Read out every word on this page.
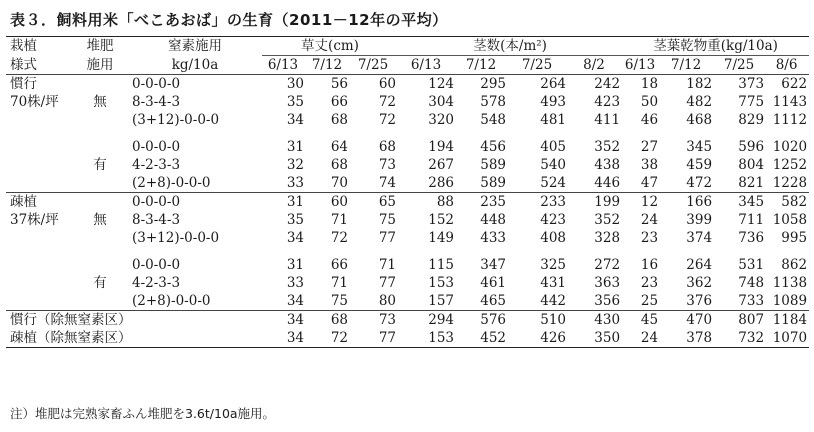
表３．飼料用米「べこあおば」の生育（2011－12年の平均）
栽植	堆肥	窒素施用	草丈(cm)			茎数(本/m²)				茎葉乾物重(kg/10a)			
様式	施用	kg/10a	6/13	7/12	7/25	6/13	7/12	7/25	8/2	6/13	7/12	7/25	8/6
慣行		0-0-0-0	30	56	60	124	295	264	242	18	182	373	622
70株/坪	無	8-3-4-3	35	66	72	304	578	493	423	50	482	775	1143
		(3+12)-0-0-0	34	68	72	320	548	481	411	46	468	829	1112

		0-0-0-0	31	64	68	194	456	405	352	27	345	596	1020
	有	4-2-3-3	32	68	73	267	589	540	438	38	459	804	1252
		(2+8)-0-0-0	33	70	74	286	589	524	446	47	472	821	1228
疎植		0-0-0-0	31	60	65	88	235	233	199	12	166	345	582
37株/坪	無	8-3-4-3	35	71	75	152	448	423	352	24	399	711	1058
		(3+12)-0-0-0	34	72	77	149	433	408	328	23	374	736	995

		0-0-0-0	31	66	71	115	347	325	272	16	264	531	862
	有	4-2-3-3	33	71	77	153	461	431	363	23	362	748	1138
		(2+8)-0-0-0	34	75	80	157	465	442	356	25	376	733	1089
慣行（除無窒素区）			34	68	73	294	576	510	430	45	470	807	1184
疎植（除無窒素区）			34	72	77	153	452	426	350	24	378	732	1070
注）堆肥は完熟家畜ふん堆肥を3.6t/10a施用。
